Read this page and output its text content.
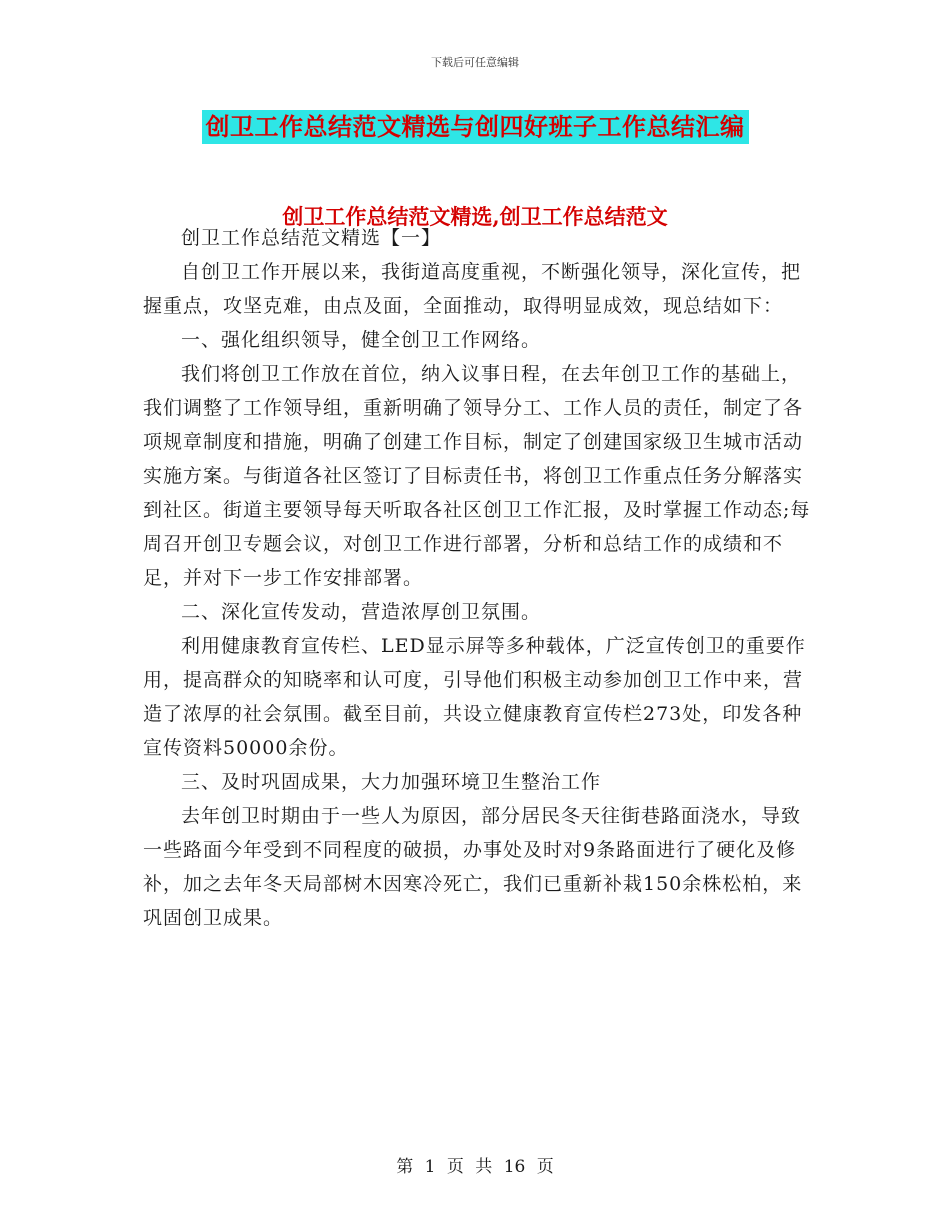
下载后可任意编辑
创卫工作总结范文精选与创四好班子工作总结汇编
创卫工作总结范文精选,创卫工作总结范文

创卫工作总结范文精选【一】

自创卫工作开展以来，我街道高度重视，不断强化领导，深化宣传，把握重点，攻坚克难，由点及面，全面推动，取得明显成效，现总结如下：

一、强化组织领导，健全创卫工作网络。

我们将创卫工作放在首位，纳入议事日程，在去年创卫工作的基础上，我们调整了工作领导组，重新明确了领导分工、工作人员的责任，制定了各项规章制度和措施，明确了创建工作目标，制定了创建国家级卫生城市活动实施方案。与街道各社区签订了目标责任书，将创卫工作重点任务分解落实到社区。街道主要领导每天听取各社区创卫工作汇报，及时掌握工作动态;每周召开创卫专题会议，对创卫工作进行部署，分析和总结工作的成绩和不足，并对下一步工作安排部署。

二、深化宣传发动，营造浓厚创卫氛围。

利用健康教育宣传栏、LED显示屏等多种载体，广泛宣传创卫的重要作用，提高群众的知晓率和认可度，引导他们积极主动参加创卫工作中来，营造了浓厚的社会氛围。截至目前，共设立健康教育宣传栏273处，印发各种宣传资料50000余份。

三、及时巩固成果，大力加强环境卫生整治工作

去年创卫时期由于一些人为原因，部分居民冬天往街巷路面浇水，导致一些路面今年受到不同程度的破损，办事处及时对9条路面进行了硬化及修补，加之去年冬天局部树木因寒冷死亡，我们已重新补栽150余株松柏，来巩固创卫成果。

第 1 页 共 16 页
